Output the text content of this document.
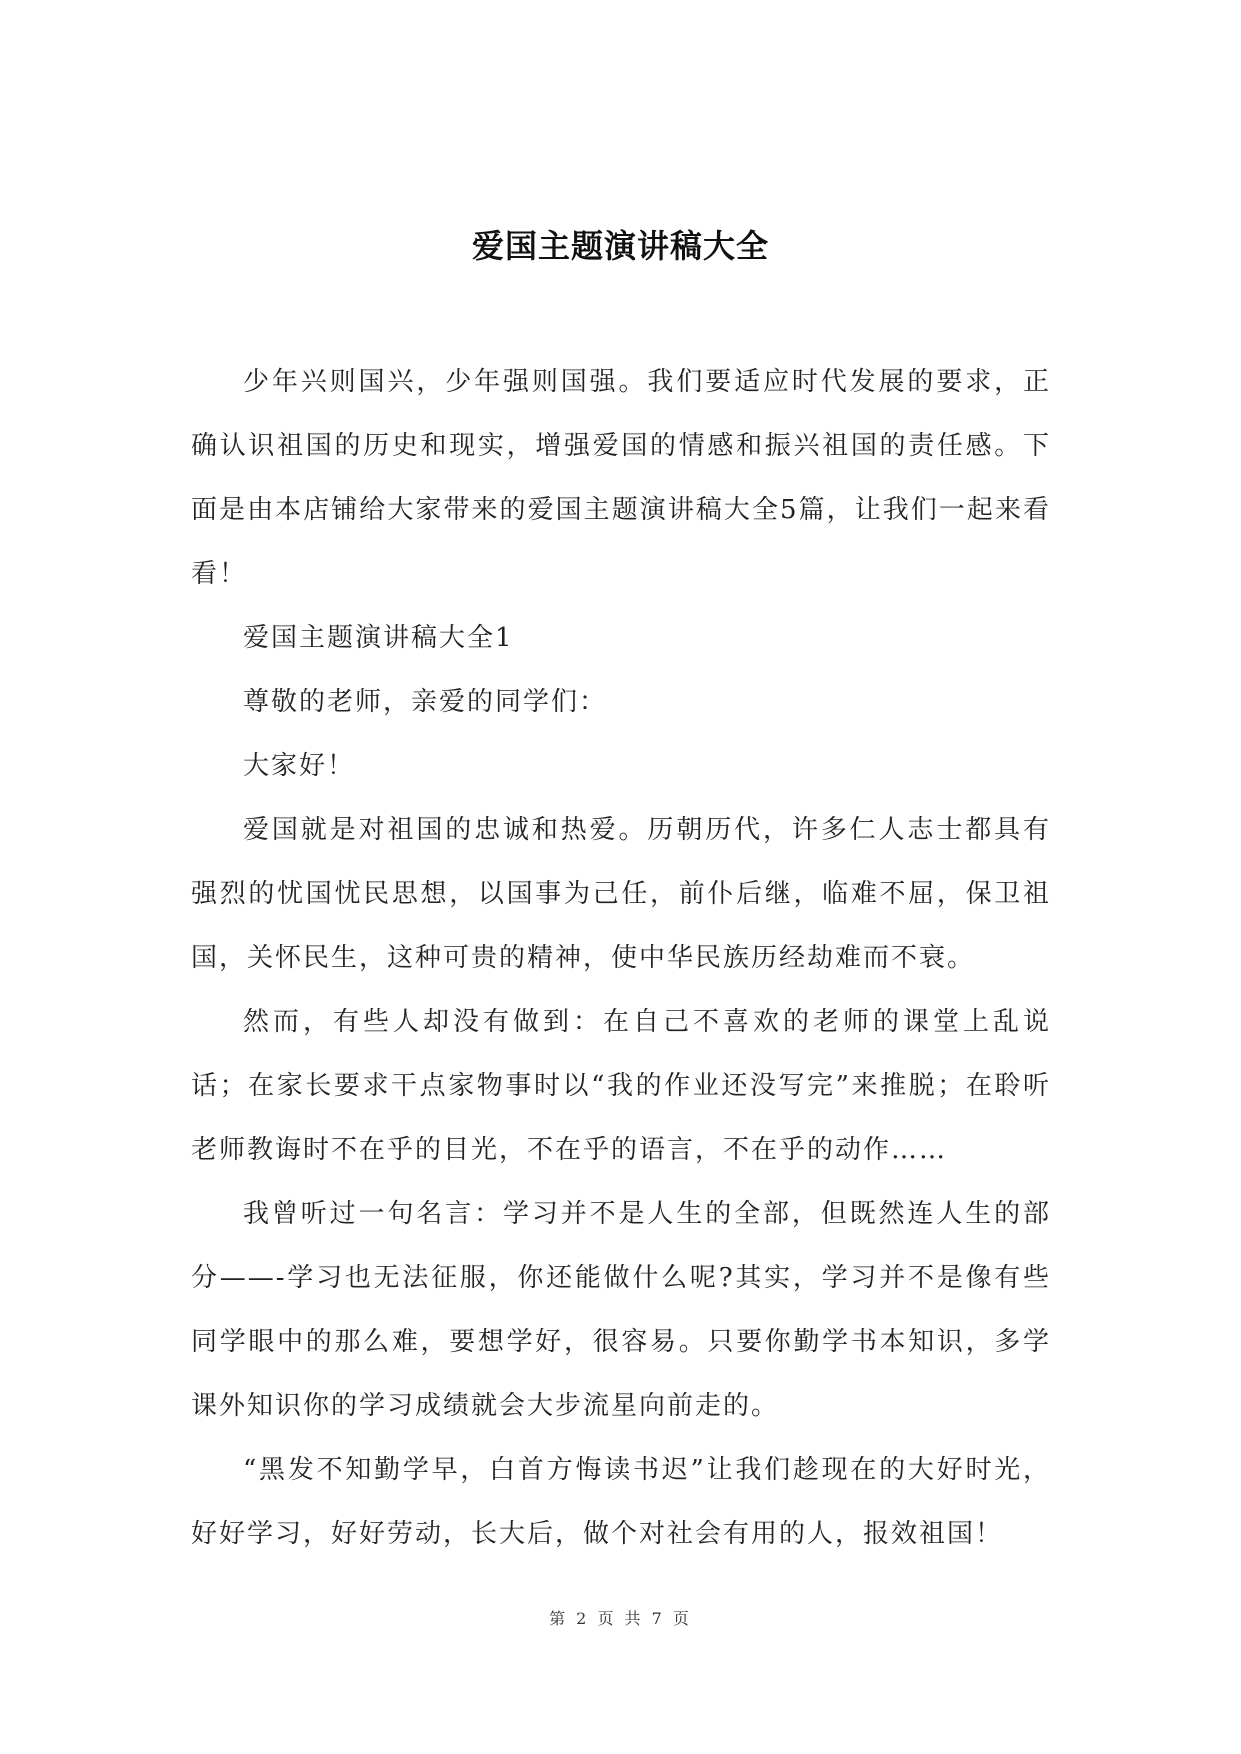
爱国主题演讲稿大全

少年兴则国兴，少年强则国强。我们要适应时代发展的要求，正确认识祖国的历史和现实，增强爱国的情感和振兴祖国的责任感。下面是由本店铺给大家带来的爱国主题演讲稿大全5篇，让我们一起来看看！

爱国主题演讲稿大全1

尊敬的老师，亲爱的同学们：

大家好！

爱国就是对祖国的忠诚和热爱。历朝历代，许多仁人志士都具有强烈的忧国忧民思想，以国事为己任，前仆后继，临难不屈，保卫祖国，关怀民生，这种可贵的精神，使中华民族历经劫难而不衰。

然而，有些人却没有做到：在自己不喜欢的老师的课堂上乱说话；在家长要求干点家物事时以“我的作业还没写完”来推脱；在聆听老师教诲时不在乎的目光，不在乎的语言，不在乎的动作……

我曾听过一句名言：学习并不是人生的全部，但既然连人生的部分——-学习也无法征服，你还能做什么呢?其实，学习并不是像有些同学眼中的那么难，要想学好，很容易。只要你勤学书本知识，多学课外知识你的学习成绩就会大步流星向前走的。

“黑发不知勤学早，白首方悔读书迟”让我们趁现在的大好时光，好好学习，好好劳动，长大后，做个对社会有用的人，报效祖国！

第 2 页 共 7 页
